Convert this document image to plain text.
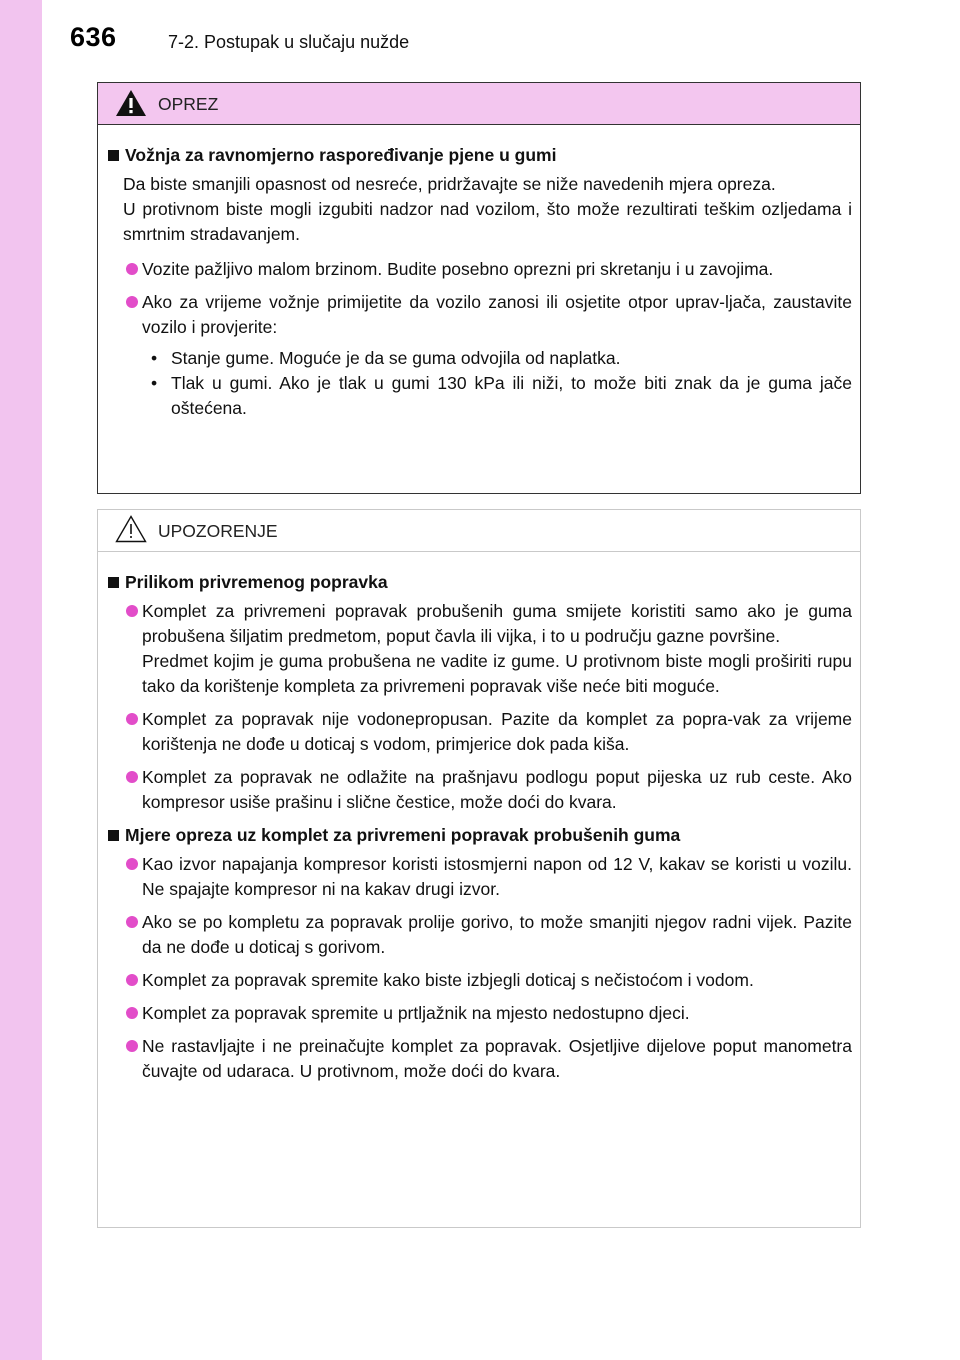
636	7-2. Postupak u slučaju nužde
OPREZ
Vožnja za ravnomjerno raspoređivanje pjene u gumi
Da biste smanjili opasnost od nesreće, pridržavajte se niže navedenih mjera opreza.
U protivnom biste mogli izgubiti nadzor nad vozilom, što može rezultirati teškim ozljedama i smrtnim stradavanjem.
Vozite pažljivo malom brzinom. Budite posebno oprezni pri skretanju i u zavojima.
Ako za vrijeme vožnje primijetite da vozilo zanosi ili osjetite otpor uprav-ljača, zaustavite vozilo i provjerite:
• Stanje gume. Moguće je da se guma odvojila od naplatka.
• Tlak u gumi. Ako je tlak u gumi 130 kPa ili niži, to može biti znak da je guma jače oštećena.
UPOZORENJE
Prilikom privremenog popravka
Komplet za privremeni popravak probušenih guma smijete koristiti samo ako je guma probušena šiljatim predmetom, poput čavla ili vijka, i to u području gazne površine.
Predmet kojim je guma probušena ne vadite iz gume. U protivnom biste mogli proširiti rupu tako da korištenje kompleta za privremeni popravak više neće biti moguće.
Komplet za popravak nije vodonepropusan. Pazite da komplet za popra-vak za vrijeme korištenja ne dođe u doticaj s vodom, primjerice dok pada kiša.
Komplet za popravak ne odlažite na prašnjavu podlogu poput pijeska uz rub ceste. Ako kompresor usiše prašinu i slične čestice, može doći do kvara.
Mjere opreza uz komplet za privremeni popravak probušenih guma
Kao izvor napajanja kompresor koristi istosmjerni napon od 12 V, kakav se koristi u vozilu. Ne spajajte kompresor ni na kakav drugi izvor.
Ako se po kompletu za popravak prolije gorivo, to može smanjiti njegov radni vijek. Pazite da ne dođe u doticaj s gorivom.
Komplet za popravak spremite kako biste izbjegli doticaj s nečistoćom i vodom.
Komplet za popravak spremite u prtljažnik na mjesto nedostupno djeci.
Ne rastavljajte i ne preinačujte komplet za popravak. Osjetljive dijelove poput manometra čuvajte od udaraca. U protivnom, može doći do kvara.
